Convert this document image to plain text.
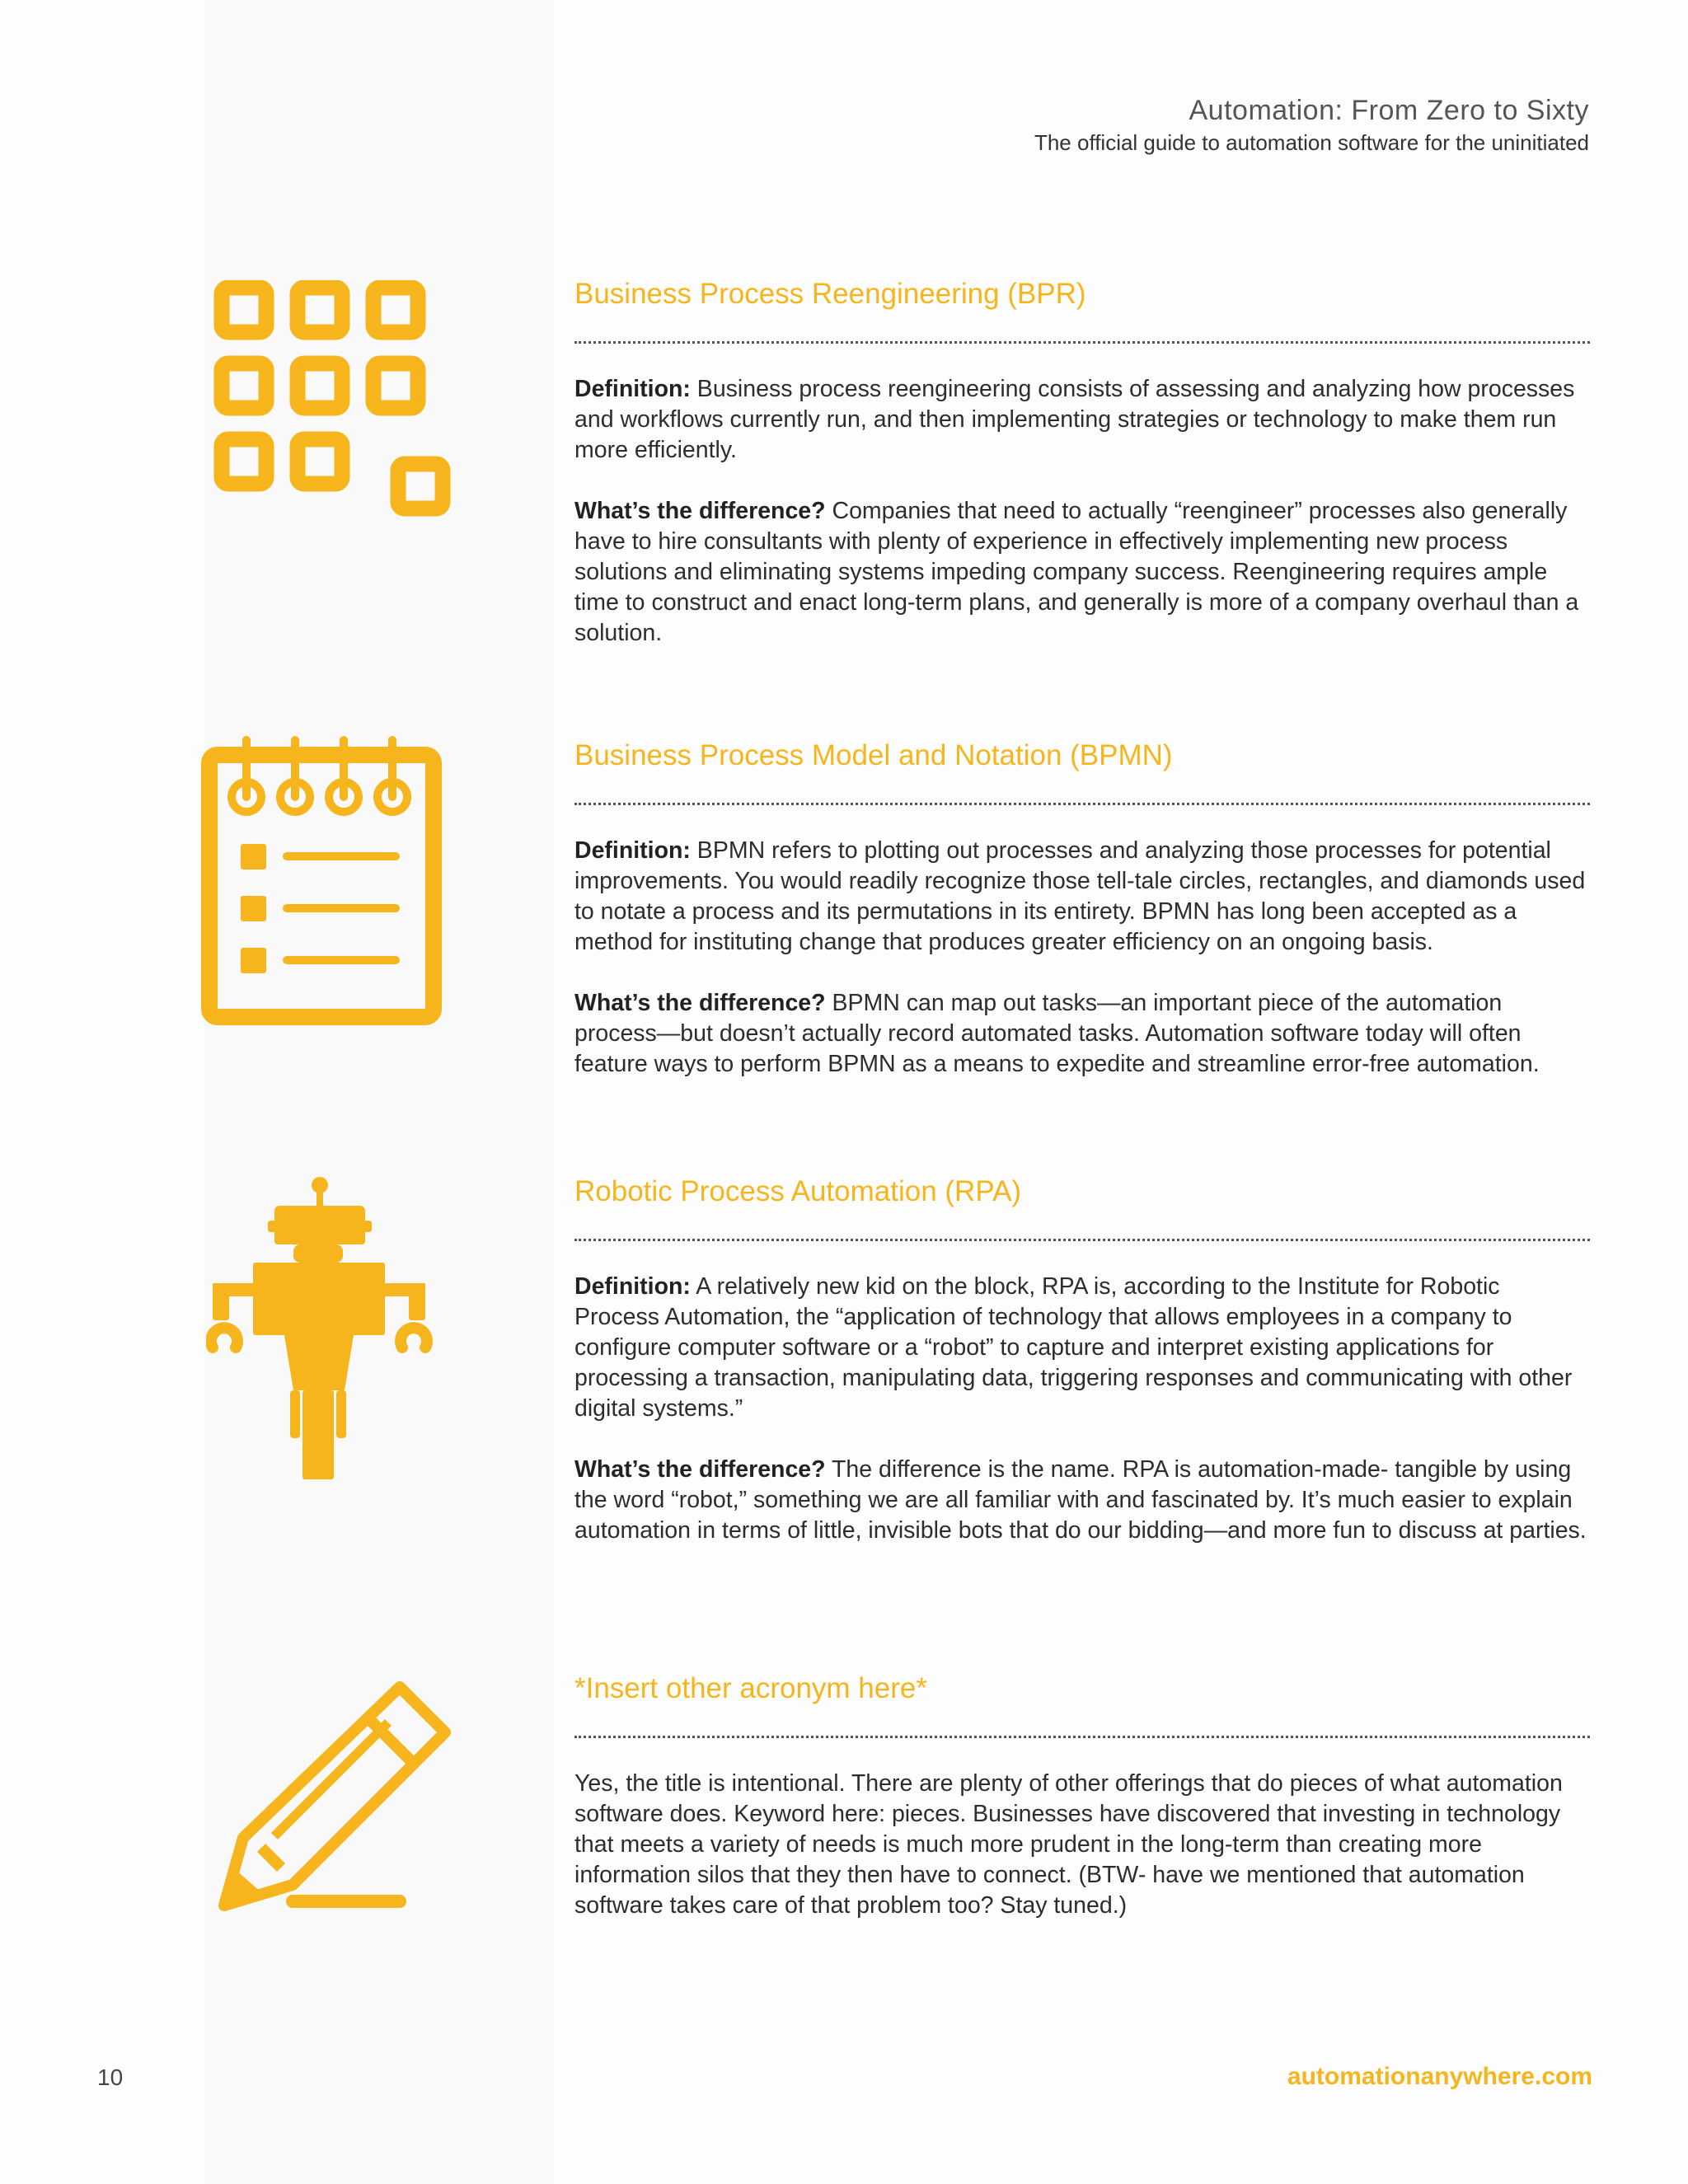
Automation: From Zero to Sixty
The official guide to automation software for the uninitiated
Business Process Reengineering (BPR)

Definition: Business process reengineering consists of assessing and analyzing how processes and workflows currently run, and then implementing strategies or technology to make them run more efficiently.

What’s the difference? Companies that need to actually “reengineer” processes also generally have to hire consultants with plenty of experience in effectively implementing new process solutions and eliminating systems impeding company success. Reengineering requires ample time to construct and enact long-term plans, and generally is more of a company overhaul than a solution.

Business Process Model and Notation (BPMN)

Definition: BPMN refers to plotting out processes and analyzing those processes for potential improvements. You would readily recognize those tell-tale circles, rectangles, and diamonds used to notate a process and its permutations in its entirety. BPMN has long been accepted as a method for instituting change that produces greater efficiency on an ongoing basis.

What’s the difference? BPMN can map out tasks—an important piece of the automation process—but doesn’t actually record automated tasks. Automation software today will often feature ways to perform BPMN as a means to expedite and streamline error-free automation.

Robotic Process Automation (RPA)

Definition: A relatively new kid on the block, RPA is, according to the Institute for Robotic Process Automation, the “application of technology that allows employees in a company to configure computer software or a “robot” to capture and interpret existing applications for processing a transaction, manipulating data, triggering responses and communicating with other digital systems.”

What’s the difference? The difference is the name. RPA is automation-made- tangible by using the word “robot,” something we are all familiar with and fascinated by. It’s much easier to explain automation in terms of little, invisible bots that do our bidding—and more fun to discuss at parties.

*Insert other acronym here*

Yes, the title is intentional. There are plenty of other offerings that do pieces of what automation software does. Keyword here: pieces. Businesses have discovered that investing in technology that meets a variety of needs is much more prudent in the long-term than creating more information silos that they then have to connect. (BTW- have we mentioned that automation software takes care of that problem too? Stay tuned.)

10	automationanywhere.com
